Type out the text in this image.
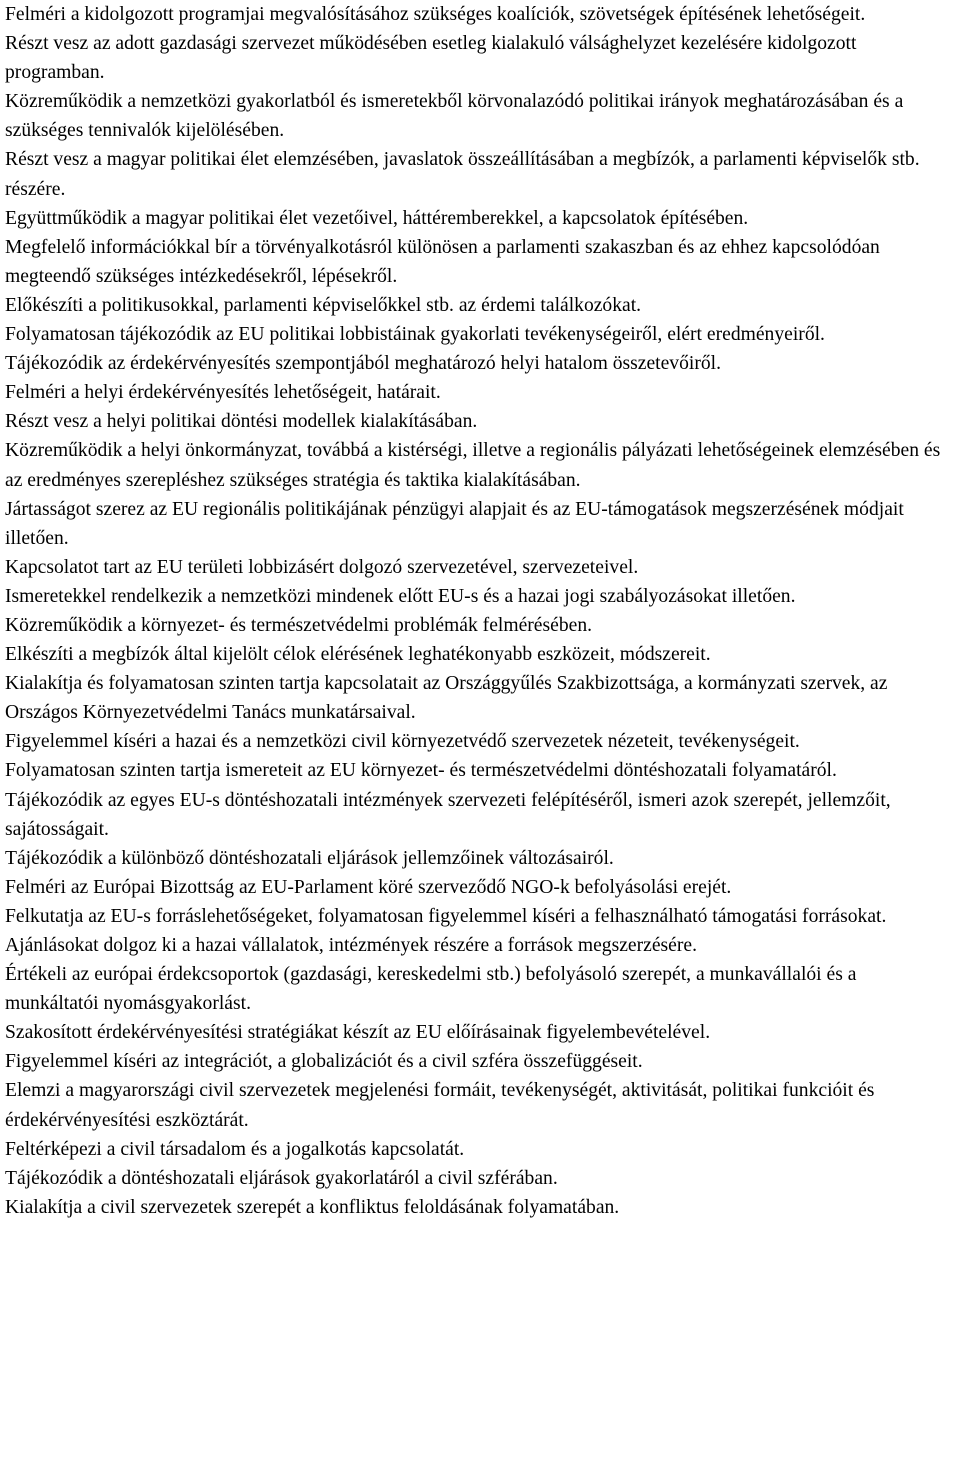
Felméri a kidolgozott programjai megvalósításához szükséges koalíciók, szövetségek építésének lehetőségeit.

Részt vesz az adott gazdasági szervezet működésében esetleg kialakuló válsághelyzet kezelésére kidolgozott programban.

Közreműködik a nemzetközi gyakorlatból és ismeretekből körvonalazódó politikai irányok meghatározásában és a szükséges tennivalók kijelölésében.

Részt vesz a magyar politikai élet elemzésében, javaslatok összeállításában a megbízók, a parlamenti képviselők stb. részére.

Együttműködik a magyar politikai élet vezetőivel, háttéremberekkel, a kapcsolatok építésében.

Megfelelő információkkal bír a törvényalkotásról különösen a parlamenti szakaszban és az ehhez kapcsolódóan megteendő szükséges intézkedésekről, lépésekről.

Előkészíti a politikusokkal, parlamenti képviselőkkel stb. az érdemi találkozókat.

Folyamatosan tájékozódik az EU politikai lobbistáinak gyakorlati tevékenységeiről, elért eredményeiről.

Tájékozódik az érdekérvényesítés szempontjából meghatározó helyi hatalom összetevőiről.

Felméri a helyi érdekérvényesítés lehetőségeit, határait.

Részt vesz a helyi politikai döntési modellek kialakításában.

Közreműködik a helyi önkormányzat, továbbá a kistérségi, illetve a regionális pályázati lehetőségeinek elemzésében és az eredményes szerepléshez szükséges stratégia és taktika kialakításában.

Jártasságot szerez az EU regionális politikájának pénzügyi alapjait és az EU-támogatások megszerzésének módjait illetően.

Kapcsolatot tart az EU területi lobbizásért dolgozó szervezetével, szervezeteivel.

Ismeretekkel rendelkezik a nemzetközi mindenek előtt EU-s és a hazai jogi szabályozásokat illetően.

Közreműködik a környezet- és természetvédelmi problémák felmérésében.

Elkészíti a megbízók által kijelölt célok elérésének leghatékonyabb eszközeit, módszereit.

Kialakítja és folyamatosan szinten tartja kapcsolatait az Országgyűlés Szakbizottsága, a kormányzati szervek, az Országos Környezetvédelmi Tanács munkatársaival.

Figyelemmel kíséri a hazai és a nemzetközi civil környezetvédő szervezetek nézeteit, tevékenységeit.

Folyamatosan szinten tartja ismereteit az EU környezet- és természetvédelmi döntéshozatali folyamatáról.

Tájékozódik az egyes EU-s döntéshozatali intézmények szervezeti felépítéséről, ismeri azok szerepét, jellemzőit, sajátosságait.

Tájékozódik a különböző döntéshozatali eljárások jellemzőinek változásairól.

Felméri az Európai Bizottság az EU-Parlament köré szerveződő NGO-k befolyásolási erejét.

Felkutatja az EU-s forráslehetőségeket, folyamatosan figyelemmel kíséri a felhasználható támogatási forrásokat.

Ajánlásokat dolgoz ki a hazai vállalatok, intézmények részére a források megszerzésére.

Értékeli az európai érdekcsoportok (gazdasági, kereskedelmi stb.) befolyásoló szerepét, a munkavállalói és a munkáltatói nyomásgyakorlást.

Szakosított érdekérvényesítési stratégiákat készít az EU előírásainak figyelembevételével.

Figyelemmel kíséri az integrációt, a globalizációt és a civil szféra összefüggéseit.

Elemzi a magyarországi civil szervezetek megjelenési formáit, tevékenységét, aktivitását, politikai funkcióit és érdekérvényesítési eszköztárát.

Feltérképezi a civil társadalom és a jogalkotás kapcsolatát.

Tájékozódik a döntéshozatali eljárások gyakorlatáról a civil szférában.

Kialakítja a civil szervezetek szerepét a konfliktus feloldásának folyamatában.
